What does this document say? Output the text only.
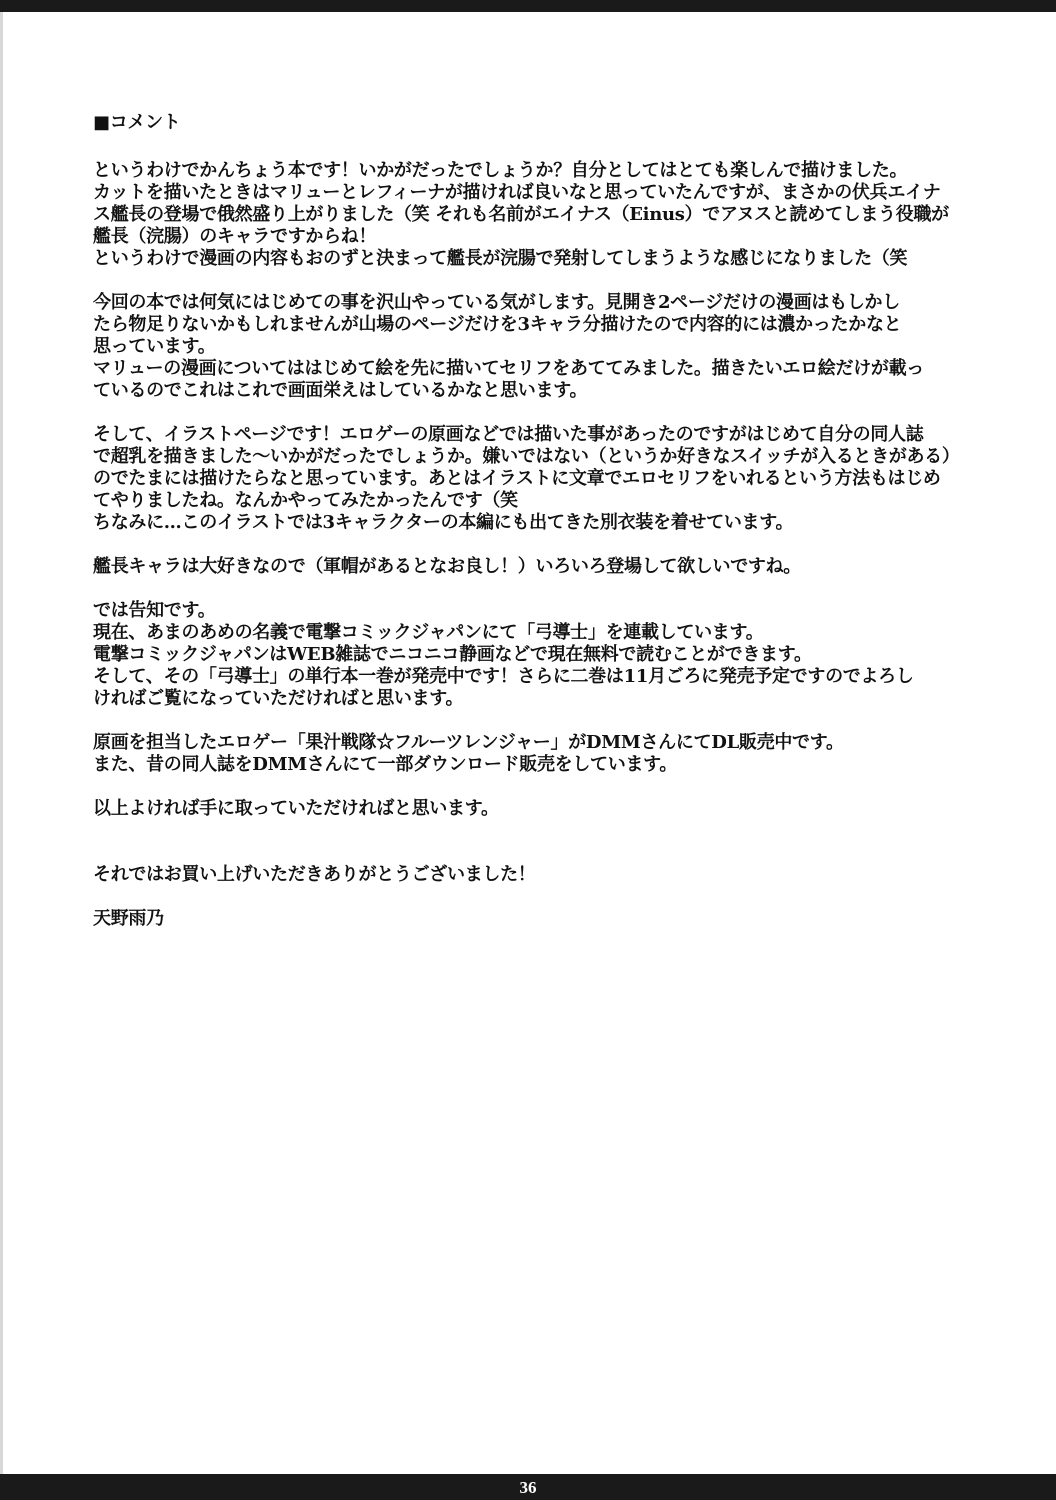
■コメント
というわけでかんちょう本です！いかがだったでしょうか？自分としてはとても楽しんで描けました。
カットを描いたときはマリューとレフィーナが描ければ良いなと思っていたんですが、まさかの伏兵エイナ
ス艦長の登場で俄然盛り上がりました（笑 それも名前がエイナス（Einus）でアヌスと読めてしまう役職が
艦長（浣腸）のキャラですからね！
というわけで漫画の内容もおのずと決まって艦長が浣腸で発射してしまうような感じになりました（笑
今回の本では何気にはじめての事を沢山やっている気がします。見開き2ページだけの漫画はもしかし
たら物足りないかもしれませんが山場のページだけを3キャラ分描けたので内容的には濃かったかなと
思っています。
マリューの漫画についてははじめて絵を先に描いてセリフをあててみました。描きたいエロ絵だけが載っ
ているのでこれはこれで画面栄えはしているかなと思います。
そして、イラストページです！エロゲーの原画などでは描いた事があったのですがはじめて自分の同人誌
で超乳を描きました～いかがだったでしょうか。嫌いではない（というか好きなスイッチが入るときがある）
のでたまには描けたらなと思っています。あとはイラストに文章でエロセリフをいれるという方法もはじめ
てやりましたね。なんかやってみたかったんです（笑
ちなみに…このイラストでは3キャラクターの本編にも出てきた別衣装を着せています。
艦長キャラは大好きなので（軍帽があるとなお良し！）いろいろ登場して欲しいですね。
では告知です。
現在、あまのあめの名義で電撃コミックジャパンにて「弓導士」を連載しています。
電撃コミックジャパンはWEB雑誌でニコニコ静画などで現在無料で読むことができます。
そして、その「弓導士」の単行本一巻が発売中です！さらに二巻は11月ごろに発売予定ですのでよろし
ければご覧になっていただければと思います。
原画を担当したエロゲー「果汁戦隊☆フルーツレンジャー」がDMMさんにてDL販売中です。
また、昔の同人誌をDMMさんにて一部ダウンロード販売をしています。
以上よければ手に取っていただければと思います。
それではお買い上げいただきありがとうございました！
天野雨乃
36
